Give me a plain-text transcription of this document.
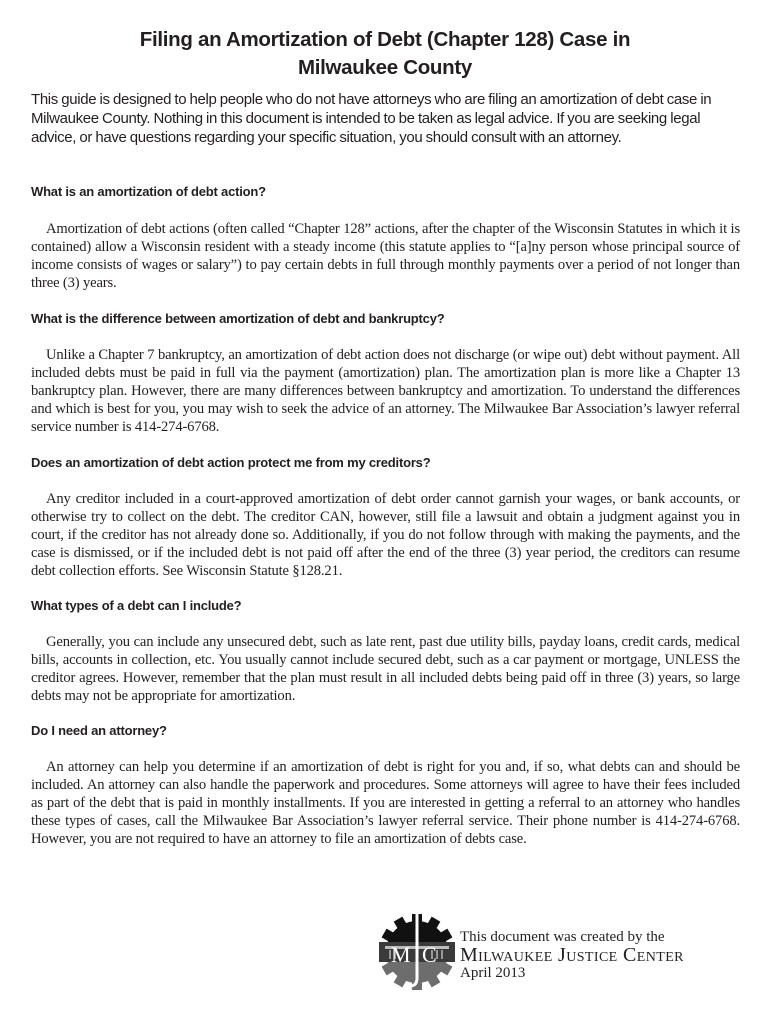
Filing an Amortization of Debt (Chapter 128) Case in
Milwaukee County
This guide is designed to help people who do not have attorneys who are filing an amortization of debt case in Milwaukee County. Nothing in this document is intended to be taken as legal advice. If you are seeking legal advice, or have questions regarding your specific situation, you should consult with an attorney.
What is an amortization of debt action?
Amortization of debt actions (often called “Chapter 128” actions, after the chapter of the Wisconsin Statutes in which it is contained) allow a Wisconsin resident with a steady income (this statute applies to “[a]ny person whose principal source of income consists of wages or salary”) to pay certain debts in full through monthly payments over a period of not longer than three (3) years.
What is the difference between amortization of debt and bankruptcy?
Unlike a Chapter 7 bankruptcy, an amortization of debt action does not discharge (or wipe out) debt without payment. All included debts must be paid in full via the payment (amortization) plan. The amortization plan is more like a Chapter 13 bankruptcy plan. However, there are many differences between bankruptcy and amortization. To understand the differences and which is best for you, you may wish to seek the advice of an attorney. The Milwaukee Bar Association’s lawyer referral service number is 414-274-6768.
Does an amortization of debt action protect me from my creditors?
Any creditor included in a court-approved amortization of debt order cannot garnish your wages, or bank accounts, or otherwise try to collect on the debt. The creditor CAN, however, still file a lawsuit and obtain a judgment against you in court, if the creditor has not already done so. Additionally, if you do not follow through with making the payments, and the case is dismissed, or if the included debt is not paid off after the end of the three (3) year period, the creditors can resume debt collection efforts. See Wisconsin Statute §128.21.
What types of a debt can I include?
Generally, you can include any unsecured debt, such as late rent, past due utility bills, payday loans, credit cards, medical bills, accounts in collection, etc. You usually cannot include secured debt, such as a car payment or mortgage, UNLESS the creditor agrees. However, remember that the plan must result in all included debts being paid off in three (3) years, so large debts may not be appropriate for amortization.
Do I need an attorney?
An attorney can help you determine if an amortization of debt is right for you and, if so, what debts can and should be included. An attorney can also handle the paperwork and procedures. Some attorneys will agree to have their fees included as part of the debt that is paid in monthly installments. If you are interested in getting a referral to an attorney who handles these types of cases, call the Milwaukee Bar Association’s lawyer referral service. Their phone number is 414-274-6768. However, you are not required to have an attorney to file an amortization of debts case.
M C
This document was created by the
Milwaukee Justice Center
April 2013
